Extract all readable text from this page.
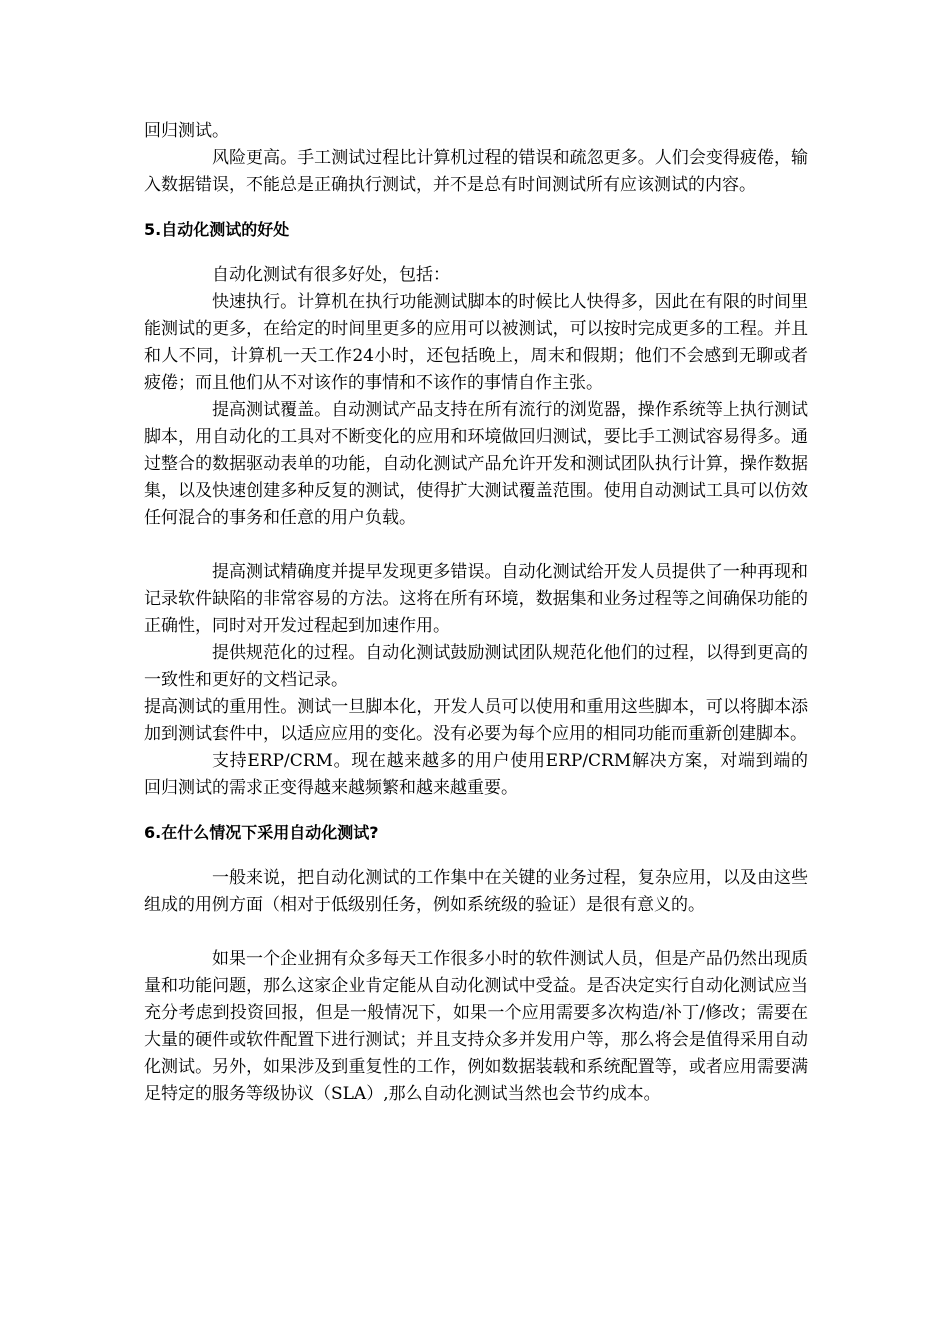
回归测试。

风险更高。手工测试过程比计算机过程的错误和疏忽更多。人们会变得疲倦，输入数据错误，不能总是正确执行测试，并不是总有时间测试所有应该测试的内容。

5.自动化测试的好处

自动化测试有很多好处，包括：

快速执行。计算机在执行功能测试脚本的时候比人快得多，因此在有限的时间里能测试的更多，在给定的时间里更多的应用可以被测试，可以按时完成更多的工程。并且和人不同，计算机一天工作24小时，还包括晚上，周末和假期；他们不会感到无聊或者疲倦；而且他们从不对该作的事情和不该作的事情自作主张。

提高测试覆盖。自动测试产品支持在所有流行的浏览器，操作系统等上执行测试脚本，用自动化的工具对不断变化的应用和环境做回归测试，要比手工测试容易得多。通过整合的数据驱动表单的功能，自动化测试产品允许开发和测试团队执行计算，操作数据集，以及快速创建多种反复的测试，使得扩大测试覆盖范围。使用自动测试工具可以仿效任何混合的事务和任意的用户负载。

提高测试精确度并提早发现更多错误。自动化测试给开发人员提供了一种再现和记录软件缺陷的非常容易的方法。这将在所有环境，数据集和业务过程等之间确保功能的正确性，同时对开发过程起到加速作用。

提供规范化的过程。自动化测试鼓励测试团队规范化他们的过程，以得到更高的一致性和更好的文档记录。

提高测试的重用性。测试一旦脚本化，开发人员可以使用和重用这些脚本，可以将脚本添加到测试套件中，以适应应用的变化。没有必要为每个应用的相同功能而重新创建脚本。

支持ERP/CRM。现在越来越多的用户使用ERP/CRM解决方案，对端到端的回归测试的需求正变得越来越频繁和越来越重要。

6.在什么情况下采用自动化测试?

一般来说，把自动化测试的工作集中在关键的业务过程，复杂应用，以及由这些组成的用例方面（相对于低级别任务，例如系统级的验证）是很有意义的。

如果一个企业拥有众多每天工作很多小时的软件测试人员，但是产品仍然出现质量和功能问题，那么这家企业肯定能从自动化测试中受益。是否决定实行自动化测试应当充分考虑到投资回报，但是一般情况下，如果一个应用需要多次构造/补丁/修改；需要在大量的硬件或软件配置下进行测试；并且支持众多并发用户等，那么将会是值得采用自动化测试。另外，如果涉及到重复性的工作，例如数据装载和系统配置等，或者应用需要满足特定的服务等级协议（SLA）,那么自动化测试当然也会节约成本。
